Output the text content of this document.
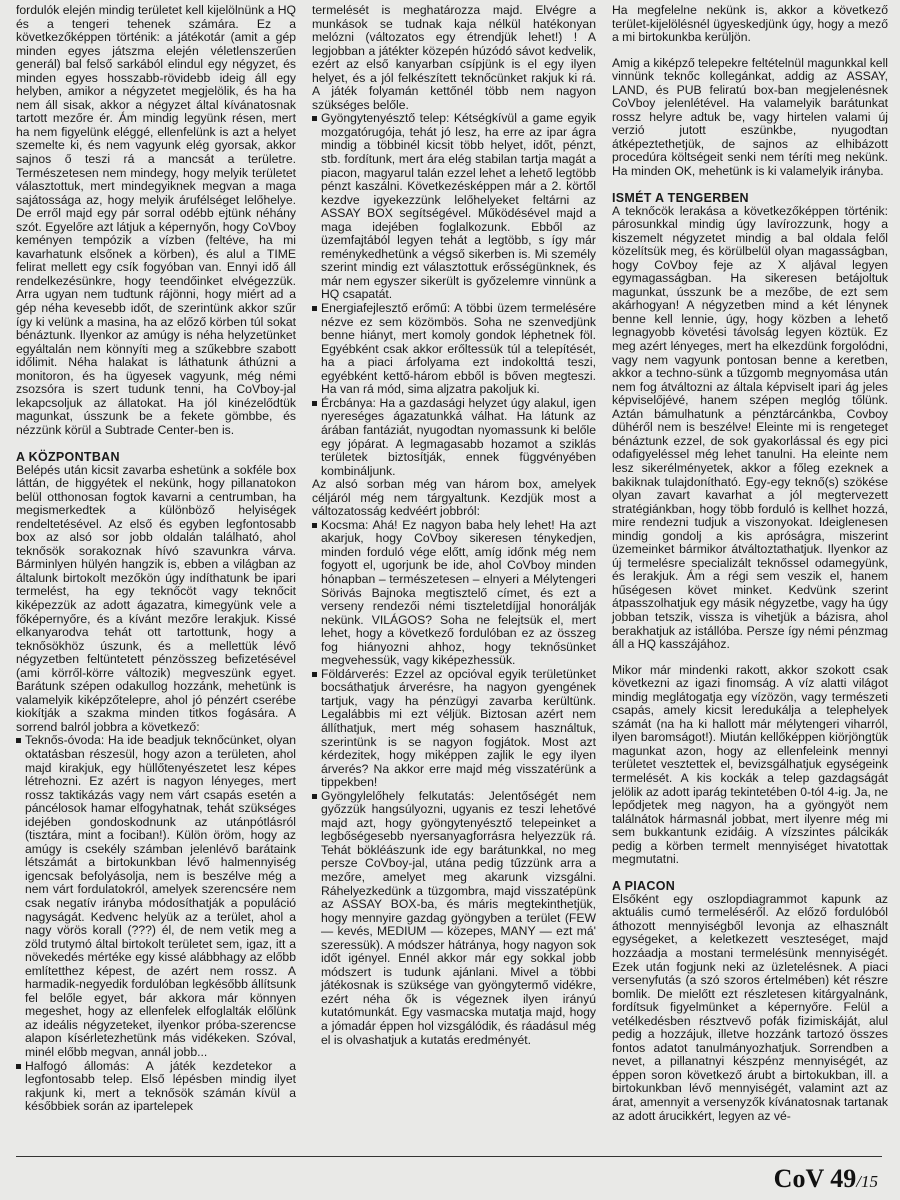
fordulók elején mindig területet kell kijelölnünk a HQ és a tengeri tehenek számára. Ez a következőképpen történik: a játékotár (amit a gép minden egyes játszma elején véletlenszerűen generál) bal felső sarkából elindul egy négyzet, és minden egyes hosszabb-rövidebb ideig áll egy helyben, amikor a négyzetet megjelölik, és ha ha nem áll sisak, akkor a négyzet által kívánatosnak tartott mezőre ér. Ám mindig legyünk résen, mert ha nem figyelünk eléggé, ellenfelünk is azt a helyet szemelte ki, és nem vagyunk elég gyorsak, akkor sajnos ő teszi rá a mancsát a területre. Természetesen nem mindegy, hogy melyik területet választottuk, mert mindegyiknek megvan a maga sajátossága az, hogy melyik árufélséget lelőhelye. De erről majd egy pár sorral odébb ejtünk néhány szót. Egyelőre azt látjuk a képernyőn, hogy CoVboy keményen tempózik a vízben (feltéve, ha mi kavarhatunk elsőnek a körben), és alul a TIME felirat mellett egy csík fogyóban van. Ennyi idő áll rendelkezésünkre, hogy teendőinket elvégezzük. Arra ugyan nem tudtunk rájönni, hogy miért ad a gép néha kevesebb időt, de szerintünk akkor szűr így ki velünk a masina, ha az előző körben túl sokat bénáztunk. Ilyenkor az amúgy is néha helyzetünket egyáltalán nem könnyíti meg a szűkebbre szabott időlimit. Néha halakat is láthatunk áthúzni a monitoron, és ha ügyesek vagyunk, még némi zsozsóra is szert tudunk tenni, ha CoVboy-jal lekapcsoljuk az állatokat. Ha jól kinézelődtük magunkat, ússzunk be a fekete gömbbe, és nézzünk körül a Subtrade Center-ben is.

A KÖZPONTBAN

Belépés után kicsit zavarba eshetünk a sokféle box láttán, de higgyétek el nekünk, hogy pillanatokon belül otthonosan fogtok kavarni a centrumban, ha megismerkedtek a különböző helyiségek rendeltetésével. Az első és egyben legfontosabb box az alsó sor jobb oldalán található, ahol teknősök sorakoznak hívó szavunkra várva. Bárminlyen hülyén hangzik is, ebben a világban az általunk birtokolt mezőkön úgy indíthatunk be ipari termelést, ha egy teknőcöt vagy teknőcit kiképezzük az adott ágazatra, kimegyünk vele a főképernyőre, és a kívánt mezőre lerakjuk. Kissé elkanyarodva tehát ott tartottunk, hogy a teknősökhöz úszunk, és a mellettük lévő négyzetben feltüntetett pénzösszeg befizetésével (ami körről-körre változik) megveszünk egyet. Barátunk szépen odakullog hozzánk, mehetünk is valamelyik kiképzőtelepre, ahol jó pénzért cserébe kiokítják a szakma minden titkos fogására. A sorrend balról jobbra a következő:

Teknős-óvoda: Ha ide beadjuk teknőcünket, olyan oktatásban részesül, hogy azon a területen, ahol majd kirakjuk, egy hüllőtenyészetet lesz képes létrehozni. Ez azért is nagyon lényeges, mert rossz taktikázás vagy nem várt csapás esetén a páncélosok hamar elfogyhatnak, tehát szükséges idejében gondoskodnunk az utánpótlásról (tisztára, mint a fociban!). Külön öröm, hogy az amúgy is csekély számban jelenlévő barátaink létszámát a birtokunkban lévő halmennyiség igencsak befolyásolja, nem is beszélve még a nem várt fordulatokról, amelyek szerencsére nem csak negatív irányba módosíthatják a populáció nagyságát. Kedvenc helyük az a terület, ahol a nagy vörös korall (???) él, de nem vetik meg a zöld trutymó által birtokolt területet sem, igaz, itt a növekedés mértéke egy kissé alábbhagy az előbb említetthez képest, de azért nem rossz. A harmadik-negyedik fordulóban legkésőbb állítsunk fel belőle egyet, bár akkora már könnyen megeshet, hogy az ellenfelek elfoglalták előlünk az ideális négyzeteket, ilyenkor próba-szerencse alapon kísérletezhetünk más vidékeken. Szóval, minél előbb megvan, annál jobb...
Halfogó állomás: A játék kezdetekor a legfontosabb telep. Első lépésben mindig ilyet rakjunk ki, mert a teknősök számán kívül a későbbiek során az ipartelepek

termelését is meghatározza majd. Elvégre a munkások se tudnak kaja nélkül hatékonyan melózni (változatos egy étrendjük lehet!) ! A legjobban a játékter közepén húzódó sávot kedvelik, ezért az első kanyarban csípjünk is el egy ilyen helyet, és a jól felkészített teknőcünket rakjuk ki rá. A játék folyamán kettőnél több nem nagyon szükséges belőle.

Gyöngytenyésztő telep: Kétségkívül a game egyik mozgatórugója, tehát jó lesz, ha erre az ipar ágra mindig a többinél kicsit több helyet, időt, pénzt, stb. fordítunk, mert ára elég stabilan tartja magát a piacon, magyarul talán ezzel lehet a lehető legtöbb pénzt kaszálni. Következésképpen már a 2. körtől kezdve igyekezzünk lelőhelyeket feltárni az ASSAY BOX segítségével. Működésével majd a maga idejében foglalkozunk. Ebből az üzemfajtából legyen tehát a legtöbb, s így már reménykedhetünk a végső sikerben is. Mi személy szerint mindig ezt választottuk erősségünknek, és már nem egyszer sikerült is győzelemre vinnünk a HQ csapatát.
Energiafejlesztő erőmű: A többi üzem termelésére nézve ez sem közömbös. Soha ne szenvedjünk benne hiányt, mert komoly gondok léphetnek föl. Egyébként csak akkor erőltessük túl a telepítését, ha a piaci árfolyama ezt indokolttá teszi, egyébként kettő-három ebből is bőven megteszi. Ha van rá mód, sima aljzatra pakoljuk ki.
Ércbánya: Ha a gazdasági helyzet úgy alakul, igen nyereséges ágazatunkká válhat. Ha látunk az árában fantáziát, nyugodtan nyomassunk ki belőle egy jópárat. A legmagasabb hozamot a sziklás területek biztosítják, ennek függvényében kombináljunk.

Az alsó sorban még van három box, amelyek céljáról még nem tárgyaltunk. Kezdjük most a változatosság kedvéért jobbról:

Kocsma: Ahá! Ez nagyon baba hely lehet! Ha azt akarjuk, hogy CoVboy sikeresen ténykedjen, minden forduló vége előtt, amíg időnk még nem fogyott el, ugorjunk be ide, ahol CoVboy minden hónapban – természetesen – elnyeri a Mélytengeri Sörivás Bajnoka megtisztelő címet, és ezt a verseny rendezői némi tiszteletdíjjal honorálják nekünk. VILÁGOS? Soha ne felejtsük el, mert lehet, hogy a következő fordulóban ez az összeg fog hiányozni ahhoz, hogy teknősünket megvehessük, vagy kiképezhessük.
Földárverés: Ezzel az opcióval egyik területünket bocsáthatjuk árverésre, ha nagyon gyengének tartjuk, vagy ha pénzügyi zavarba kerültünk. Legalábbis mi ezt véljük. Biztosan azért nem állíthatjuk, mert még sohasem használtuk, szerintünk is se nagyon fogjátok. Most azt kérdezitek, hogy miképpen zajlik le egy ilyen árverés? Na akkor erre majd még visszatérünk a tippekben!
Gyöngylelőhely felkutatás: Jelentőségét nem győzzük hangsúlyozni, ugyanis ez teszi lehetővé majd azt, hogy gyöngytenyésztő telepeinket a legbőségesebb nyersanyagforrásra helyezzük rá. Tehát bökléászunk ide egy barátunkkal, no meg persze CoVboy-jal, utána pedig tűzzünk arra a mezőre, amelyet meg akarunk vizsgálni. Ráhelyezkedünk a tüzgombra, majd visszatépünk az ASSAY BOX-ba, és máris megtekinthetjük, hogy mennyire gazdag gyöngyben a terület (FEW — kevés, MEDIUM — közepes, MANY — ezt má' szeressük). A módszer hátránya, hogy nagyon sok időt igényel. Ennél akkor már egy sokkal jobb módszert is tudunk ajánlani. Mivel a többi játékosnak is szüksége van gyöngytermő vidékre, ezért néha ők is végeznek ilyen irányú kutatómunkát. Egy vasmacska mutatja majd, hogy a jómadár éppen hol vizsgálódik, és ráadásul még el is olvashatjuk a kutatás eredményét.

Ha megfelelne nekünk is, akkor a következő terület-kijelölésnél ügyeskedjünk úgy, hogy a mező a mi birtokunkba kerüljön.

Amig a kiképző telepekre feltételnül magunkkal kell vinnünk teknőc kollegánkat, addig az ASSAY, LAND, és PUB feliratú box-ban megjelenésnek CoVboy jelenlétével. Ha valamelyik barátunkat rossz helyre adtuk be, vagy hirtelen valami új verzió jutott eszünkbe, nyugodtan átképeztethetjük, de sajnos az elhibázott procedúra költségeit senki nem téríti meg nekünk. Ha minden OK, mehetünk is ki valamelyik irányba.

ISMÉT A TENGERBEN

A teknőcök lerakása a következőképpen történik: párosunkkal mindig úgy lavírozzunk, hogy a kiszemelt négyzetet mindig a bal oldala felől közelítsük meg, és körülbelül olyan magasságban, hogy CoVboy feje az X aljával legyen egymagasságban. Ha sikeresen betájoltuk magunkat, ússzunk be a mezőbe, de ezt sem akárhogyan! A négyzetben mind a két lénynek benne kell lennie, úgy, hogy közben a lehető legnagyobb követési távolság legyen köztük. Ez meg azért lényeges, mert ha elkezdünk forgolódni, vagy nem vagyunk pontosan benne a keretben, akkor a techno-sünk a tűzgomb megnyomása után nem fog átváltozni az általa képviselt ipari ág jeles képviselőjévé, hanem szépen meglóg tőlünk. Aztán bámulhatunk a pénztárcánkba, Covboy dühéről nem is beszélve! Eleinte mi is rengeteget bénáztunk ezzel, de sok gyakorlással és egy pici odafigyeléssel még lehet tanulni. Ha eleinte nem lesz sikerélményetek, akkor a főleg ezeknek a bakiknak tulajdonítható. Egy-egy teknő(s) szökése olyan zavart kavarhat a jól megtervezett stratégiánkban, hogy több forduló is kellhet hozzá, mire rendezni tudjuk a viszonyokat. Ideiglenesen mindig gondolj a kis apróságra, miszerint üzemeinket bármikor átváltoztathatjuk. Ilyenkor az új termelésre specializált teknőssel odamegyünk, és lerakjuk. Ám a régi sem veszik el, hanem hűségesen követ minket. Kedvünk szerint átpasszolhatjuk egy másik négyzetbe, vagy ha úgy jobban tetszik, vissza is vihetjük a bázisra, ahol berakhatjuk az istállóba. Persze így némi pénzmag áll a HQ kasszájához.

Mikor már mindenki rakott, akkor szokott csak következni az igazi finomság. A víz alatti világot mindig meglátogatja egy vízözön, vagy természeti csapás, amely kicsit leredukálja a telephelyek számát (na ha ki hallott már mélytengeri viharról, ilyen baromságot!). Miután kellőképpen kiörjöngtük magunkat azon, hogy az ellenfeleink mennyi területet vesztettek el, bevizsgálhatjuk egységeink termelését. A kis kockák a telep gazdagságát jelölik az adott iparág tekintetében 0-tól 4-ig. Ja, ne lepődjetek meg nagyon, ha a gyöngyöt nem találnátok hármasnál jobbat, mert ilyenre még mi sem bukkantunk ezidáig. A vízszintes pálcikák pedig a körben termelt mennyiséget hivatottak megmutatni.

A PIACON

Elsőként egy oszlopdiagrammot kapunk az aktuális cumó termeléséről. Az előző fordulóból áthozott mennyiségből levonja az elhasznált egységeket, a keletkezett veszteséget, majd hozzáadja a mostani termelésünk mennyiségét. Ezek után fogjunk neki az üzletelésnek. A piaci versenyfutás (a szó szoros értelmében) két részre bomlik. De mielőtt ezt részletesen kitárgyalnánk, fordítsuk figyelmünket a képernyőre. Felül a vetélkedésben résztvevő pofák fizimiskáját, alul pedig a hozzájuk, illetve hozzánk tartozó összes fontos adatot tanulmányozhatjuk. Sorrendben a nevet, a pillanatnyi készpénz mennyiségét, az éppen soron következő árubt a birtokukban, ill. a birtokunkban lévő mennyiségét, valamint azt az árat, amennyit a versenyzők kívánatosnak tartanak az adott árucikkért, legyen az vé-

CoV 49/15
